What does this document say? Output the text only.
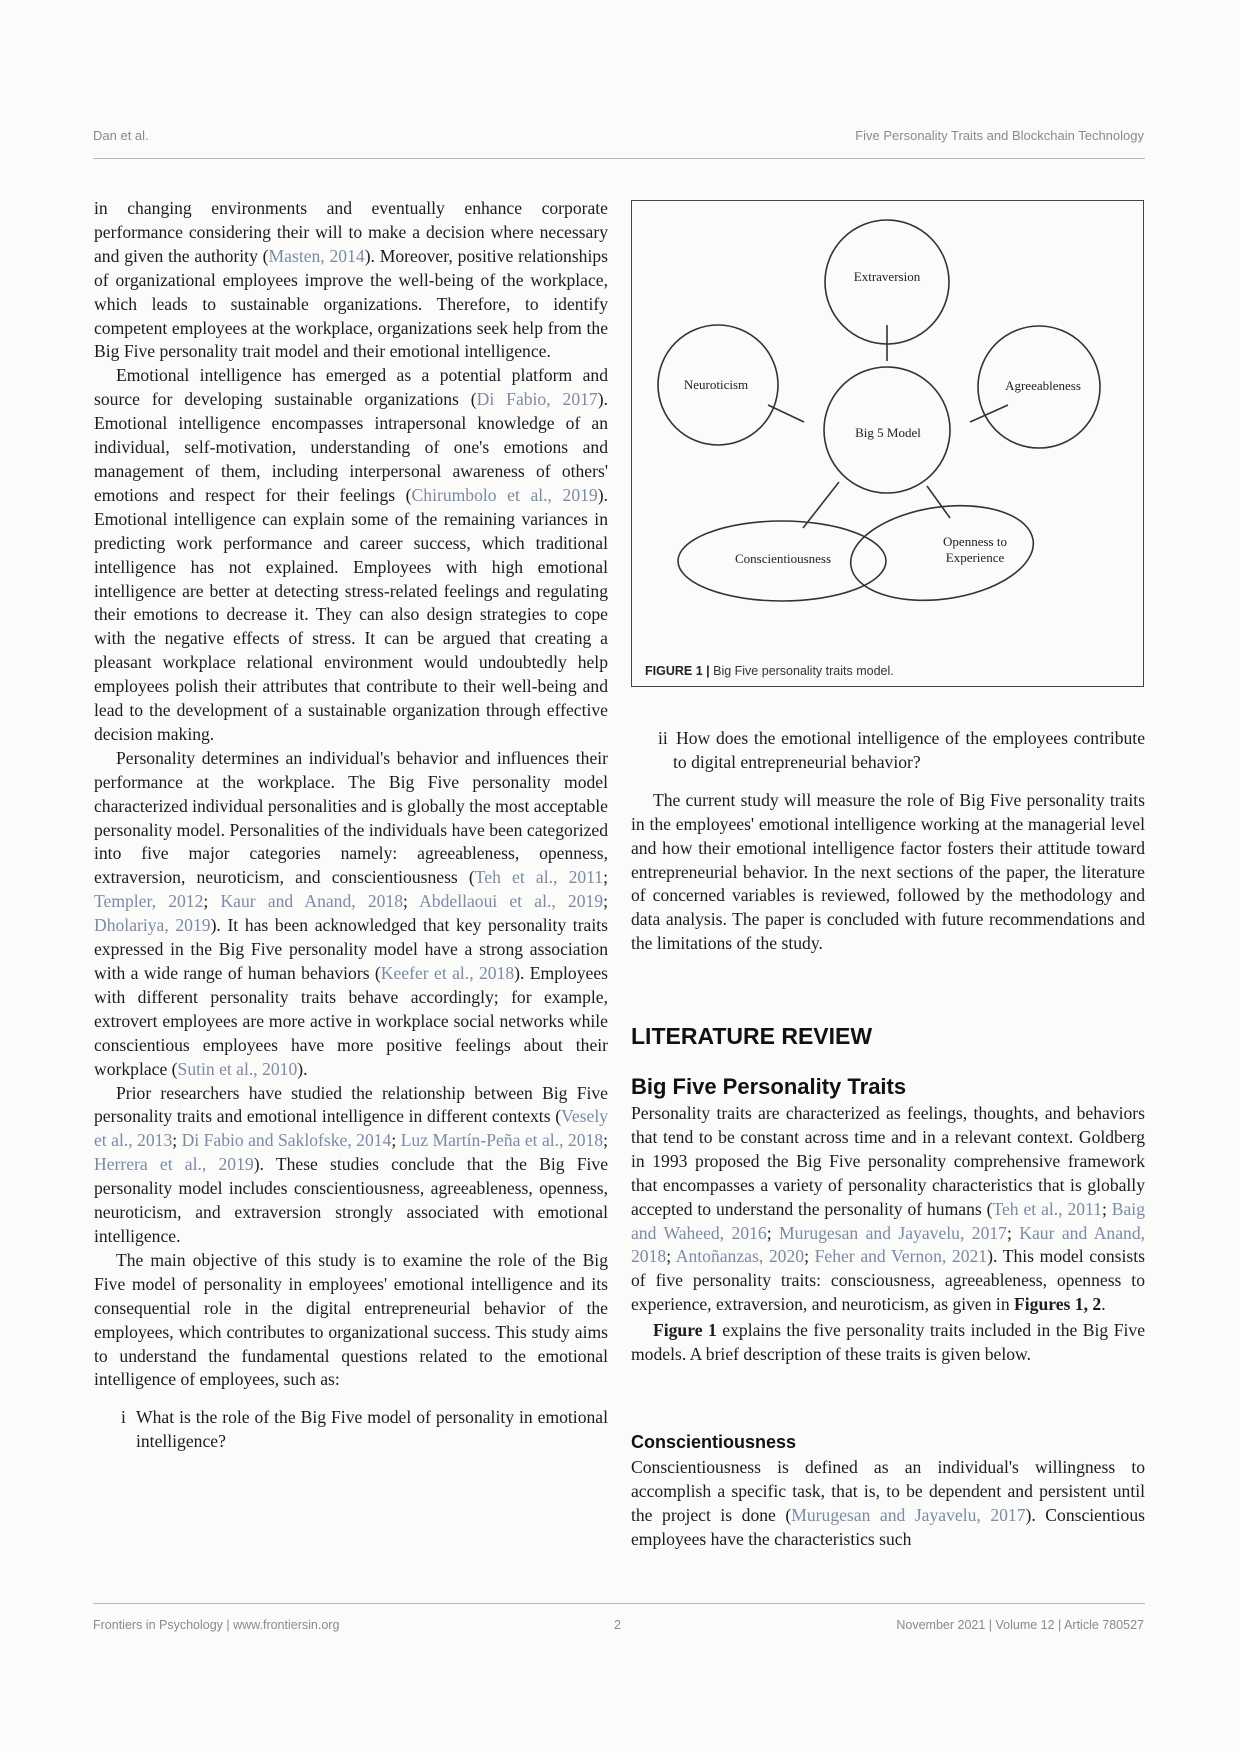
Dan et al.	Five Personality Traits and Blockchain Technology

in changing environments and eventually enhance corporate performance considering their will to make a decision where necessary and given the authority (Masten, 2014). Moreover, positive relationships of organizational employees improve the well-being of the workplace, which leads to sustainable organizations. Therefore, to identify competent employees at the workplace, organizations seek help from the Big Five personality trait model and their emotional intelligence.

Emotional intelligence has emerged as a potential platform and source for developing sustainable organizations (Di Fabio, 2017). Emotional intelligence encompasses intrapersonal knowledge of an individual, self-motivation, understanding of one's emotions and management of them, including interpersonal awareness of others' emotions and respect for their feelings (Chirumbolo et al., 2019). Emotional intelligence can explain some of the remaining variances in predicting work performance and career success, which traditional intelligence has not explained. Employees with high emotional intelligence are better at detecting stress-related feelings and regulating their emotions to decrease it. They can also design strategies to cope with the negative effects of stress. It can be argued that creating a pleasant workplace relational environment would undoubtedly help employees polish their attributes that contribute to their well-being and lead to the development of a sustainable organization through effective decision making.

Personality determines an individual's behavior and influences their performance at the workplace. The Big Five personality model characterized individual personalities and is globally the most acceptable personality model. Personalities of the individuals have been categorized into five major categories namely: agreeableness, openness, extraversion, neuroticism, and conscientiousness (Teh et al., 2011; Templer, 2012; Kaur and Anand, 2018; Abdellaoui et al., 2019; Dholariya, 2019). It has been acknowledged that key personality traits expressed in the Big Five personality model have a strong association with a wide range of human behaviors (Keefer et al., 2018). Employees with different personality traits behave accordingly; for example, extrovert employees are more active in workplace social networks while conscientious employees have more positive feelings about their workplace (Sutin et al., 2010).

Prior researchers have studied the relationship between Big Five personality traits and emotional intelligence in different contexts (Vesely et al., 2013; Di Fabio and Saklofske, 2014; Luz Martín-Peña et al., 2018; Herrera et al., 2019). These studies conclude that the Big Five personality model includes conscientiousness, agreeableness, openness, neuroticism, and extraversion strongly associated with emotional intelligence.

The main objective of this study is to examine the role of the Big Five model of personality in employees' emotional intelligence and its consequential role in the digital entrepreneurial behavior of the employees, which contributes to organizational success. This study aims to understand the fundamental questions related to the emotional intelligence of employees, such as:

i What is the role of the Big Five model of personality in emotional intelligence?

Extraversion
Neuroticism	Agreeableness
Big 5 Model
Conscientiousness
Openness to
Experience
FIGURE 1 | Big Five personality traits model.

ii How does the emotional intelligence of the employees contribute to digital entrepreneurial behavior?

The current study will measure the role of Big Five personality traits in the employees' emotional intelligence working at the managerial level and how their emotional intelligence factor fosters their attitude toward entrepreneurial behavior. In the next sections of the paper, the literature of concerned variables is reviewed, followed by the methodology and data analysis. The paper is concluded with future recommendations and the limitations of the study.

LITERATURE REVIEW
Big Five Personality Traits

Personality traits are characterized as feelings, thoughts, and behaviors that tend to be constant across time and in a relevant context. Goldberg in 1993 proposed the Big Five personality comprehensive framework that encompasses a variety of personality characteristics that is globally accepted to understand the personality of humans (Teh et al., 2011; Baig and Waheed, 2016; Murugesan and Jayavelu, 2017; Kaur and Anand, 2018; Antoñanzas, 2020; Feher and Vernon, 2021). This model consists of five personality traits: consciousness, agreeableness, openness to experience, extraversion, and neuroticism, as given in Figures 1, 2.

Figure 1 explains the five personality traits included in the Big Five models. A brief description of these traits is given below.

Conscientiousness

Conscientiousness is defined as an individual's willingness to accomplish a specific task, that is, to be dependent and persistent until the project is done (Murugesan and Jayavelu, 2017). Conscientious employees have the characteristics such

Frontiers in Psychology | www.frontiersin.org	2	November 2021 | Volume 12 | Article 780527
